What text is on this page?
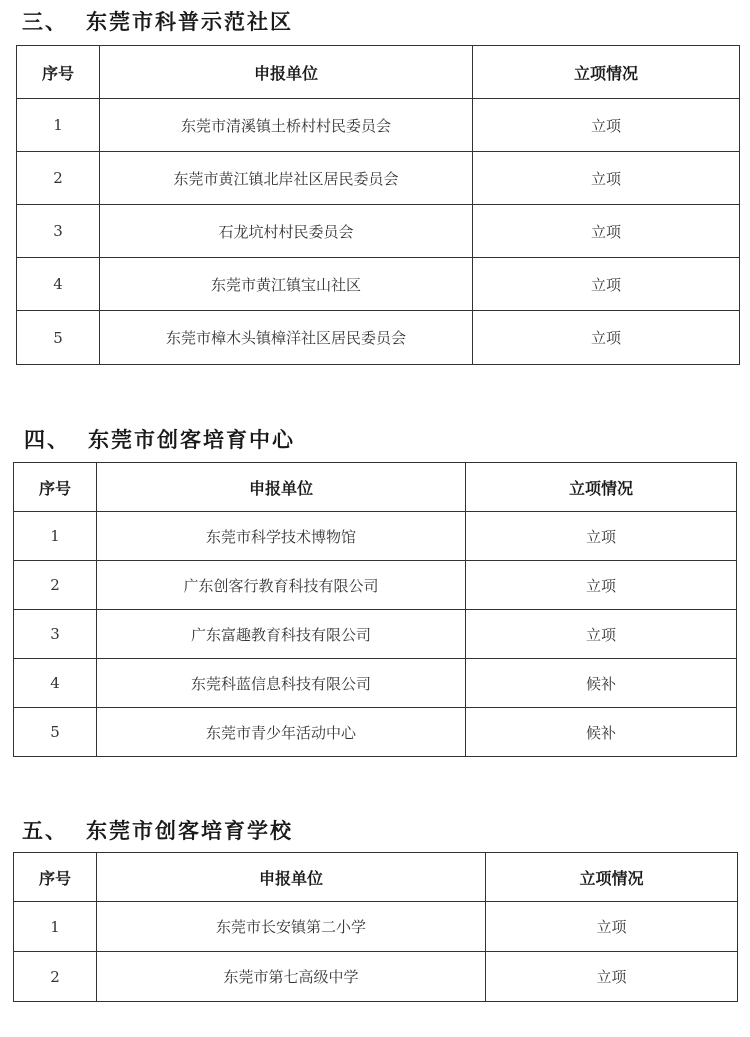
三、 东莞市科普示范社区
序号	申报单位	立项情况
1	东莞市清溪镇土桥村村民委员会	立项
2	东莞市黄江镇北岸社区居民委员会	立项
3	石龙坑村村民委员会	立项
4	东莞市黄江镇宝山社区	立项
5	东莞市樟木头镇樟洋社区居民委员会	立项
四、 东莞市创客培育中心
序号	申报单位	立项情况
1	东莞市科学技术博物馆	立项
2	广东创客行教育科技有限公司	立项
3	广东富趣教育科技有限公司	立项
4	东莞科蓝信息科技有限公司	候补
5	东莞市青少年活动中心	候补
五、 东莞市创客培育学校
序号	申报单位	立项情况
1	东莞市长安镇第二小学	立项
2	东莞市第七高级中学	立项
